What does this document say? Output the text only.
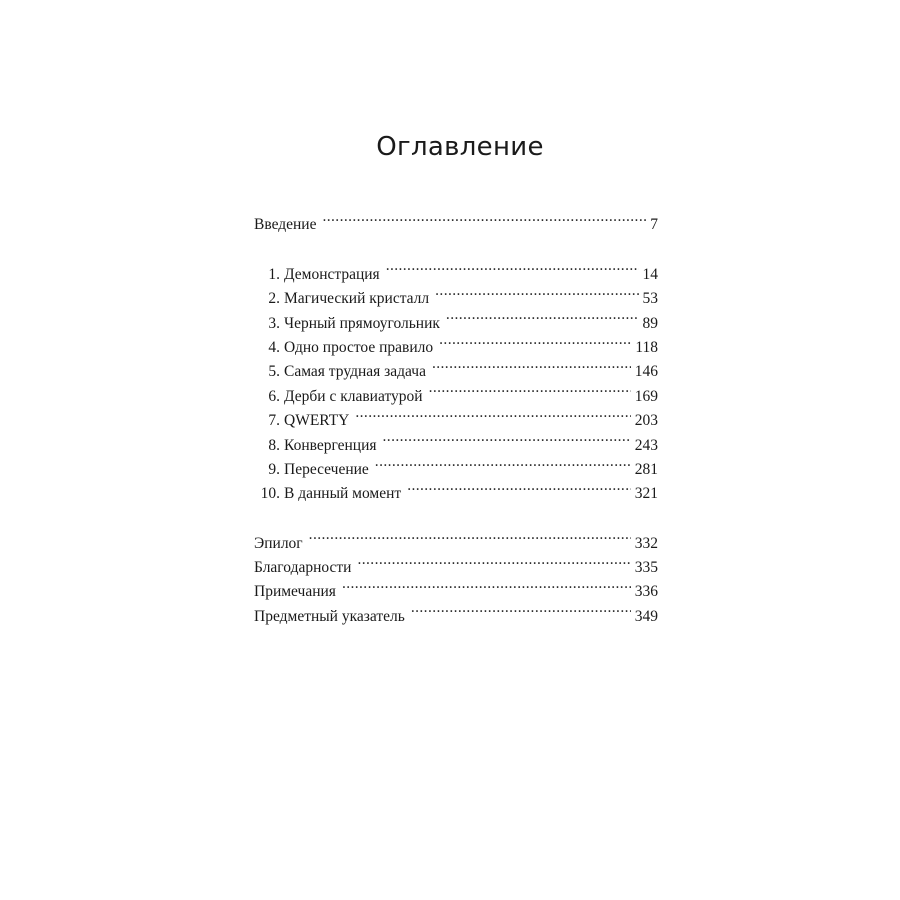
Оглавление
Введение .....	7
1. Демонстрация .....	14
2. Магический кристалл .....	53
3. Черный прямоугольник .....	89
4. Одно простое правило .....	118
5. Самая трудная задача .....	146
6. Дерби с клавиатурой .....	169
7. QWERTY .....	203
8. Конвергенция .....	243
9. Пересечение .....	281
10. В данный момент .....	321
Эпилог .....	332
Благодарности .....	335
Примечания .....	336
Предметный указатель .....	349
